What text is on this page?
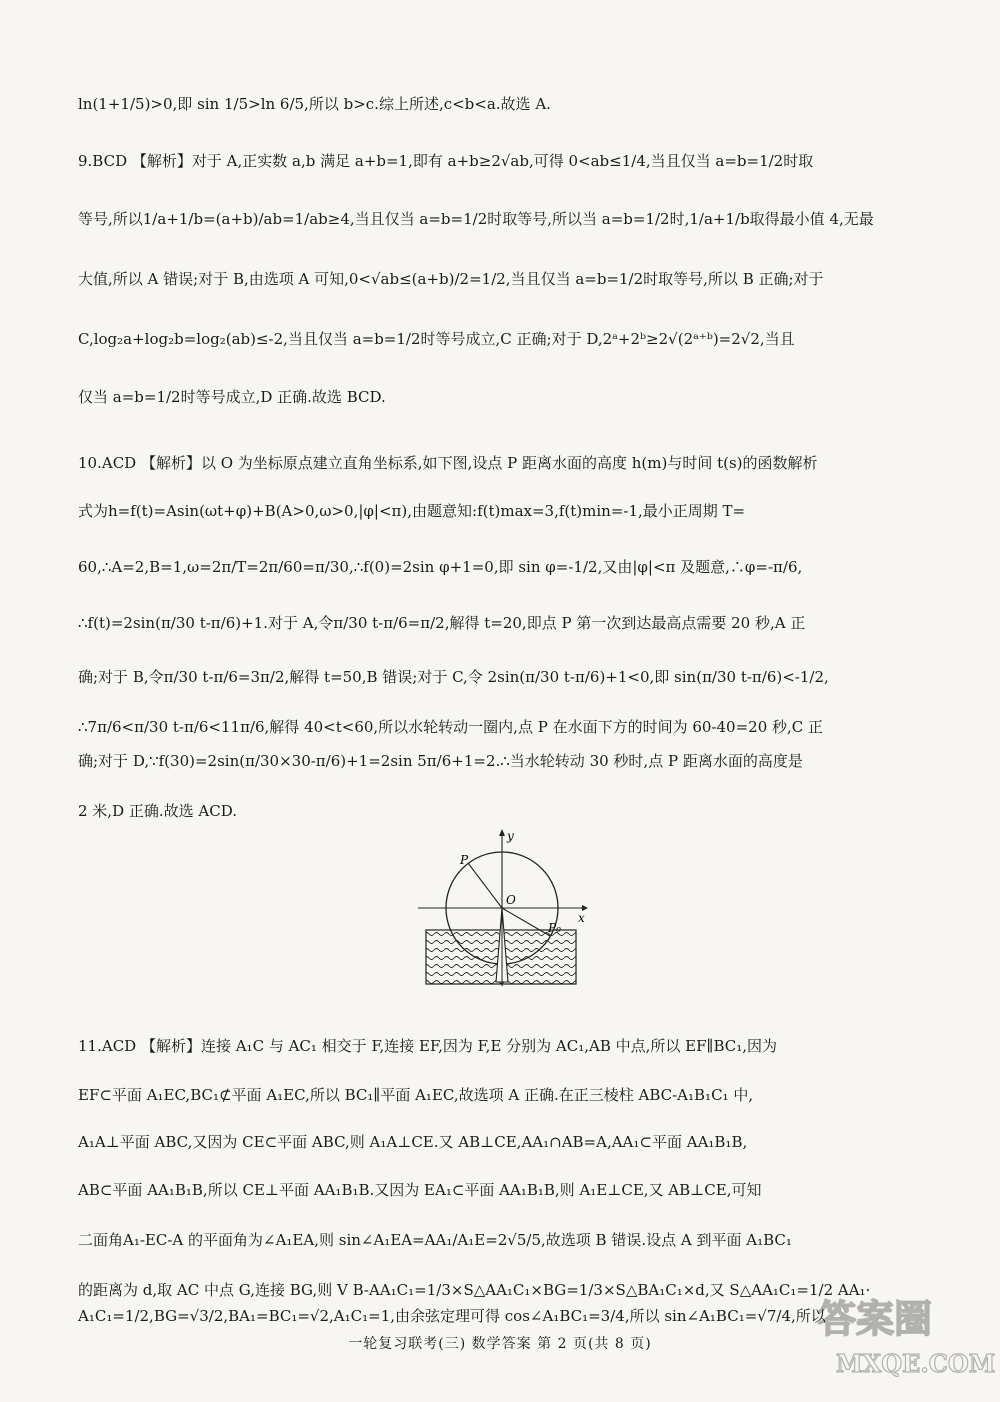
ln(1+1/5)>0,即 sin 1/5>ln 6/5,所以 b>c.综上所述,c<b<a.故选 A.
9.BCD 【解析】对于 A,正实数 a,b 满足 a+b=1,即有 a+b≥2√ab,可得 0<ab≤1/4,当且仅当 a=b=1/2时取
等号,所以1/a+1/b=(a+b)/ab=1/ab≥4,当且仅当 a=b=1/2时取等号,所以当 a=b=1/2时,1/a+1/b取得最小值 4,无最
大值,所以 A 错误;对于 B,由选项 A 可知,0<√ab≤(a+b)/2=1/2,当且仅当 a=b=1/2时取等号,所以 B 正确;对于
C,log₂a+log₂b=log₂(ab)≤-2,当且仅当 a=b=1/2时等号成立,C 正确;对于 D,2ᵃ+2ᵇ≥2√(2ᵃ⁺ᵇ)=2√2,当且
仅当 a=b=1/2时等号成立,D 正确.故选 BCD.
10.ACD 【解析】以 O 为坐标原点建立直角坐标系,如下图,设点 P 距离水面的高度 h(m)与时间 t(s)的函数解析
式为h=f(t)=Asin(ωt+φ)+B(A>0,ω>0,|φ|<π),由题意知:f(t)max=3,f(t)min=-1,最小正周期 T=
60,∴A=2,B=1,ω=2π/T=2π/60=π/30,∴f(0)=2sin φ+1=0,即 sin φ=-1/2,又由|φ|<π 及题意,∴φ=-π/6,
∴f(t)=2sin(π/30 t-π/6)+1.对于 A,令π/30 t-π/6=π/2,解得 t=20,即点 P 第一次到达最高点需要 20 秒,A 正
确;对于 B,令π/30 t-π/6=3π/2,解得 t=50,B 错误;对于 C,令 2sin(π/30 t-π/6)+1<0,即 sin(π/30 t-π/6)<-1/2,
∴7π/6<π/30 t-π/6<11π/6,解得 40<t<60,所以水轮转动一圈内,点 P 在水面下方的时间为 60-40=20 秒,C 正
y
x
P
O
P₀
11.ACD 【解析】连接 A₁C 与 AC₁ 相交于 F,连接 EF,因为 F,E 分别为 AC₁,AB 中点,所以 EF∥BC₁,因为
EF⊂平面 A₁EC,BC₁⊄平面 A₁EC,所以 BC₁∥平面 A₁EC,故选项 A 正确.在正三棱柱 ABC-A₁B₁C₁ 中,
A₁A⊥平面 ABC,又因为 CE⊂平面 ABC,则 A₁A⊥CE.又 AB⊥CE,AA₁∩AB=A,AA₁⊂平面 AA₁B₁B,
AB⊂平面 AA₁B₁B,所以 CE⊥平面 AA₁B₁B.又因为 EA₁⊂平面 AA₁B₁B,则 A₁E⊥CE,又 AB⊥CE,可知
二面角A₁-EC-A 的平面角为∠A₁EA,则 sin∠A₁EA=AA₁/A₁E=2√5/5,故选项 B 错误.设点 A 到平面 A₁BC₁
的距离为 d,取 AC 中点 G,连接 BG,则 V B-AA₁C₁=1/3×S△AA₁C₁×BG=1/3×S△BA₁C₁×d,又 S△AA₁C₁=1/2 AA₁·
A₁C₁=1/2,BG=√3/2,BA₁=BC₁=√2,A₁C₁=1,由余弦定理可得 cos∠A₁BC₁=3/4,所以 sin∠A₁BC₁=√7/4,所以
一轮复习联考(三) 数学答案 第 2 页(共 8 页)
答案圈
MXQE.COM
确;对于 D,∵f(30)=2sin(π/30×30-π/6)+1=2sin 5π/6+1=2.∴当水轮转动 30 秒时,点 P 距离水面的高度是
2 米,D 正确.故选 ACD.
